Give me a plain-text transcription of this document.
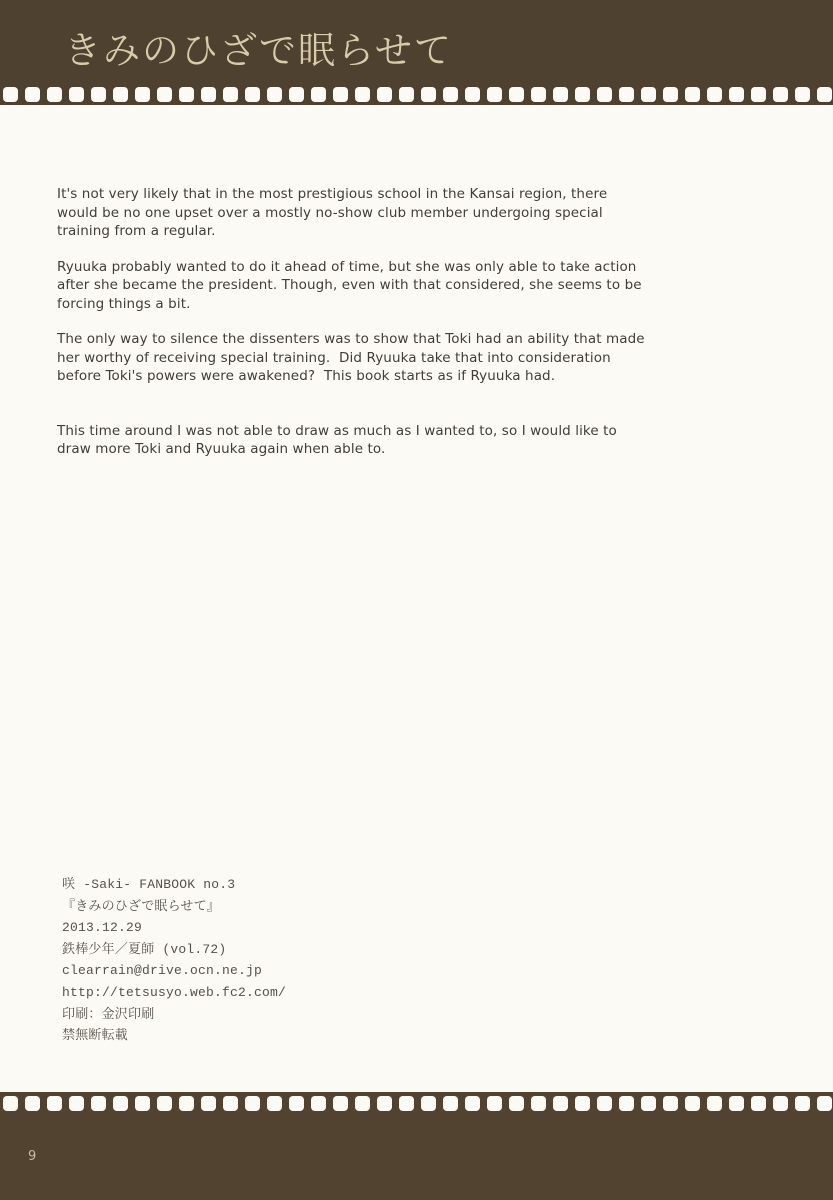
きみのひざで眠らせて

It's not very likely that in the most prestigious school in the Kansai region, there would be no one upset over a mostly no-show club member undergoing special training from a regular.

Ryuuka probably wanted to do it ahead of time, but she was only able to take action after she became the president. Though, even with that considered, she seems to be forcing things a bit.

The only way to silence the dissenters was to show that Toki had an ability that made her worthy of receiving special training.  Did Ryuuka take that into consideration before Toki's powers were awakened?  This book starts as if Ryuuka had.

This time around I was not able to draw as much as I wanted to, so I would like to draw more Toki and Ryuuka again when able to.

咲 -Saki- FANBOOK no.3
『きみのひざで眠らせて』
2013.12.29
鉄棒少年／夏師 (vol.72)
clearrain@drive.ocn.ne.jp
http://tetsusyo.web.fc2.com/
印刷：金沢印刷
禁無断転載
9
